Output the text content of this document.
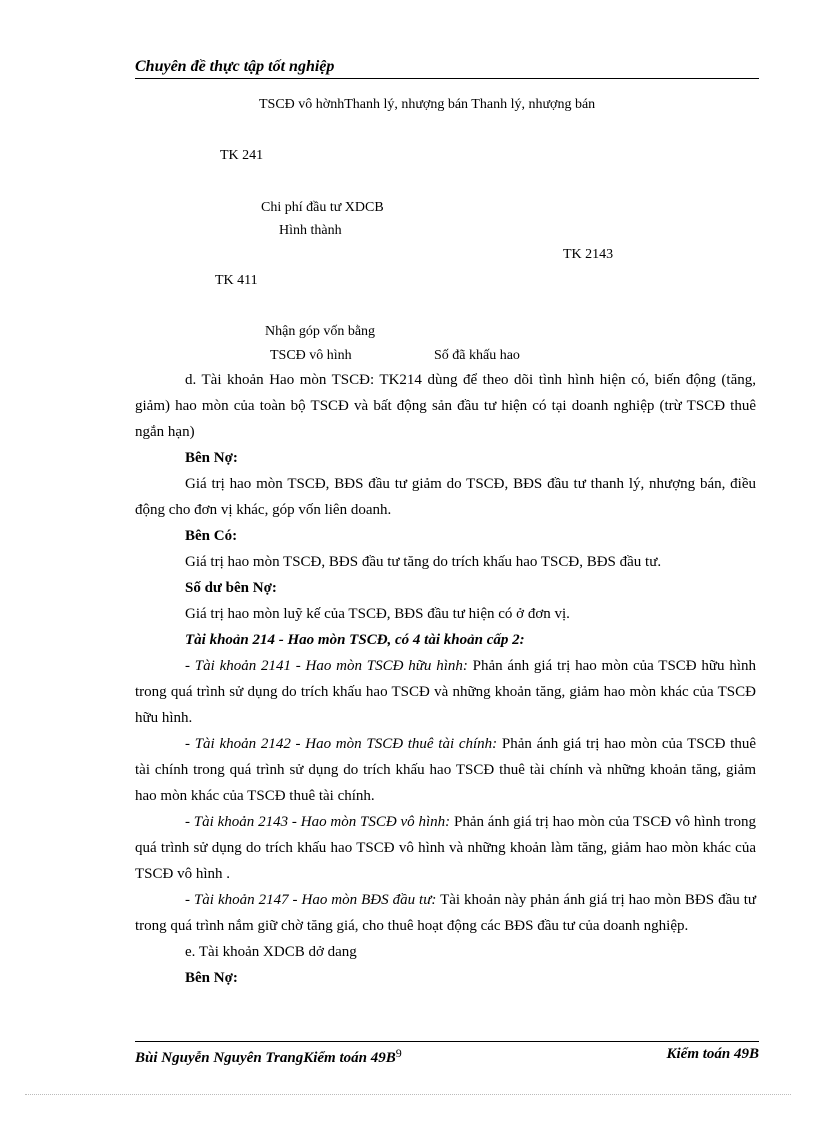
Chuyên đề thực tập tốt nghiệp
TSCĐ vô hờnhThanh lý, nhượng bán Thanh lý, nhượng bán
TK 241
Chi phí đầu tư XDCB
Hình thành
TK 2143
TK 411
Nhận góp vốn bằng
TSCĐ vô hình	Số đã khấu hao

d. Tài khoản Hao mòn TSCĐ: TK214 dùng để theo dõi tình hình hiện có, biến động (tăng, giảm) hao mòn của toàn bộ TSCĐ và bất động sản đầu tư hiện có tại doanh nghiệp (trừ TSCĐ thuê ngắn hạn)

Bên Nợ:

Giá trị hao mòn TSCĐ, BĐS đầu tư giảm do TSCĐ, BĐS đầu tư thanh lý, nhượng bán, điều động cho đơn vị khác, góp vốn liên doanh.

Bên Có:

Giá trị hao mòn TSCĐ, BĐS đầu tư tăng do trích khấu hao TSCĐ, BĐS đầu tư.

Số dư bên Nợ:

Giá trị hao mòn luỹ kế của TSCĐ, BĐS đầu tư hiện có ở đơn vị.

Tài khoản 214 - Hao mòn TSCĐ, có 4 tài khoản cấp 2:

- Tài khoản 2141 - Hao mòn TSCĐ hữu hình: Phản ánh giá trị hao mòn của TSCĐ hữu hình trong quá trình sử dụng do trích khấu hao TSCĐ và những khoản tăng, giảm hao mòn khác của TSCĐ hữu hình.

- Tài khoản 2142 - Hao mòn TSCĐ thuê tài chính: Phản ánh giá trị hao mòn của TSCĐ thuê tài chính trong quá trình sử dụng do trích khấu hao TSCĐ thuê tài chính và những khoản tăng, giảm hao mòn khác của TSCĐ thuê tài chính.

- Tài khoản 2143 - Hao mòn TSCĐ vô hình: Phản ánh giá trị hao mòn của TSCĐ vô hình trong quá trình sử dụng do trích khấu hao TSCĐ vô hình và những khoản làm tăng, giảm hao mòn khác của TSCĐ vô hình .

- Tài khoản 2147 - Hao mòn BĐS đầu tư: Tài khoản này phản ánh giá trị hao mòn BĐS đầu tư trong quá trình nắm giữ chờ tăng giá, cho thuê hoạt động các BĐS đầu tư của doanh nghiệp.

e. Tài khoản XDCB dở dang

Bên Nợ:

Bùi Nguyễn Nguyên TrangKiểm toán $49B^9$	Kiểm toán 49B
